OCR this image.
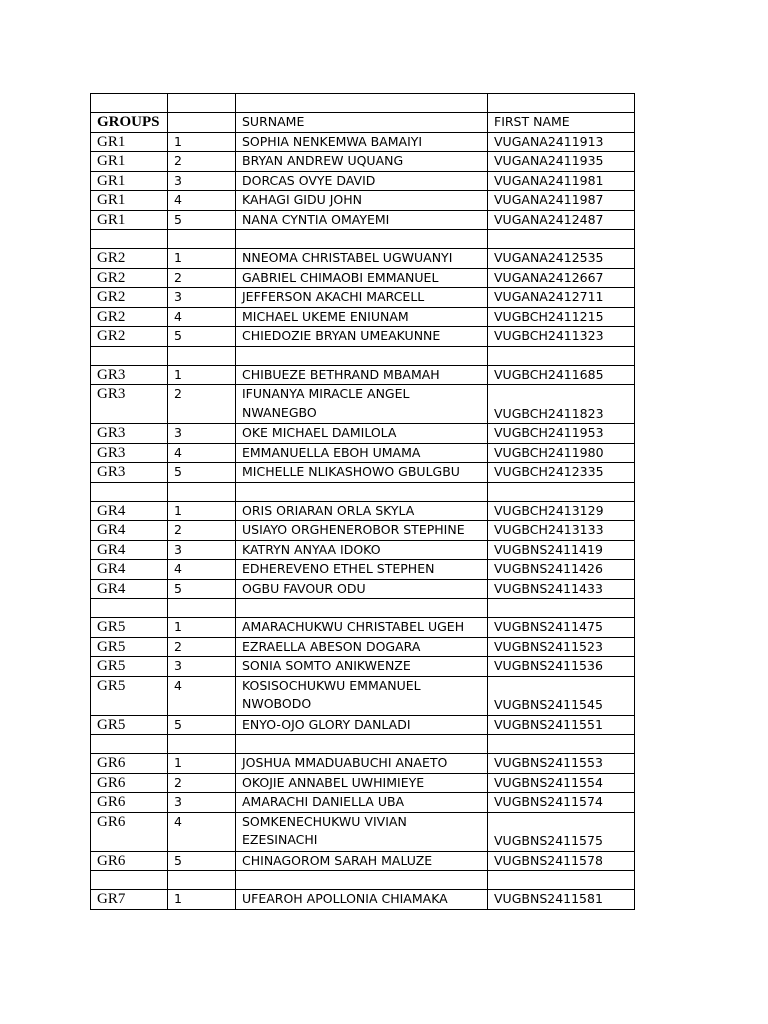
GROUPS		SURNAME	FIRST NAME
GR1	1	SOPHIA NENKEMWA BAMAIYI	VUGANA2411913
GR1	2	BRYAN ANDREW UQUANG	VUGANA2411935
GR1	3	DORCAS OVYE DAVID	VUGANA2411981
GR1	4	KAHAGI GIDU JOHN	VUGANA2411987
GR1	5	NANA CYNTIA OMAYEMI	VUGANA2412487

GR2	1	NNEOMA CHRISTABEL UGWUANYI	VUGANA2412535
GR2	2	GABRIEL CHIMAOBI EMMANUEL	VUGANA2412667
GR2	3	JEFFERSON AKACHI MARCELL	VUGANA2412711
GR2	4	MICHAEL UKEME ENIUNAM	VUGBCH2411215
GR2	5	CHIEDOZIE BRYAN UMEAKUNNE	VUGBCH2411323

GR3	1	CHIBUEZE BETHRAND MBAMAH	VUGBCH2411685
GR3	2	IFUNANYA MIRACLE ANGEL NWANEGBO	VUGBCH2411823
GR3	3	OKE MICHAEL DAMILOLA	VUGBCH2411953
GR3	4	EMMANUELLA EBOH UMAMA	VUGBCH2411980
GR3	5	MICHELLE NLIKASHOWO GBULGBU	VUGBCH2412335

GR4	1	ORIS ORIARAN ORLA SKYLA	VUGBCH2413129
GR4	2	USIAYO ORGHENEROBOR STEPHINE	VUGBCH2413133
GR4	3	KATRYN ANYAA IDOKO	VUGBNS2411419
GR4	4	EDHEREVENO ETHEL STEPHEN	VUGBNS2411426
GR4	5	OGBU FAVOUR ODU	VUGBNS2411433

GR5	1	AMARACHUKWU CHRISTABEL UGEH	VUGBNS2411475
GR5	2	EZRAELLA ABESON DOGARA	VUGBNS2411523
GR5	3	SONIA SOMTO ANIKWENZE	VUGBNS2411536
GR5	4	KOSISOCHUKWU EMMANUEL NWOBODO	VUGBNS2411545
GR5	5	ENYO-OJO GLORY DANLADI	VUGBNS2411551

GR6	1	JOSHUA MMADUABUCHI ANAETO	VUGBNS2411553
GR6	2	OKOJIE ANNABEL UWHIMIEYE	VUGBNS2411554
GR6	3	AMARACHI DANIELLA UBA	VUGBNS2411574
GR6	4	SOMKENECHUKWU VIVIAN EZESINACHI	VUGBNS2411575
GR6	5	CHINAGOROM SARAH MALUZE	VUGBNS2411578

GR7	1	UFEAROH APOLLONIA CHIAMAKA	VUGBNS2411581
